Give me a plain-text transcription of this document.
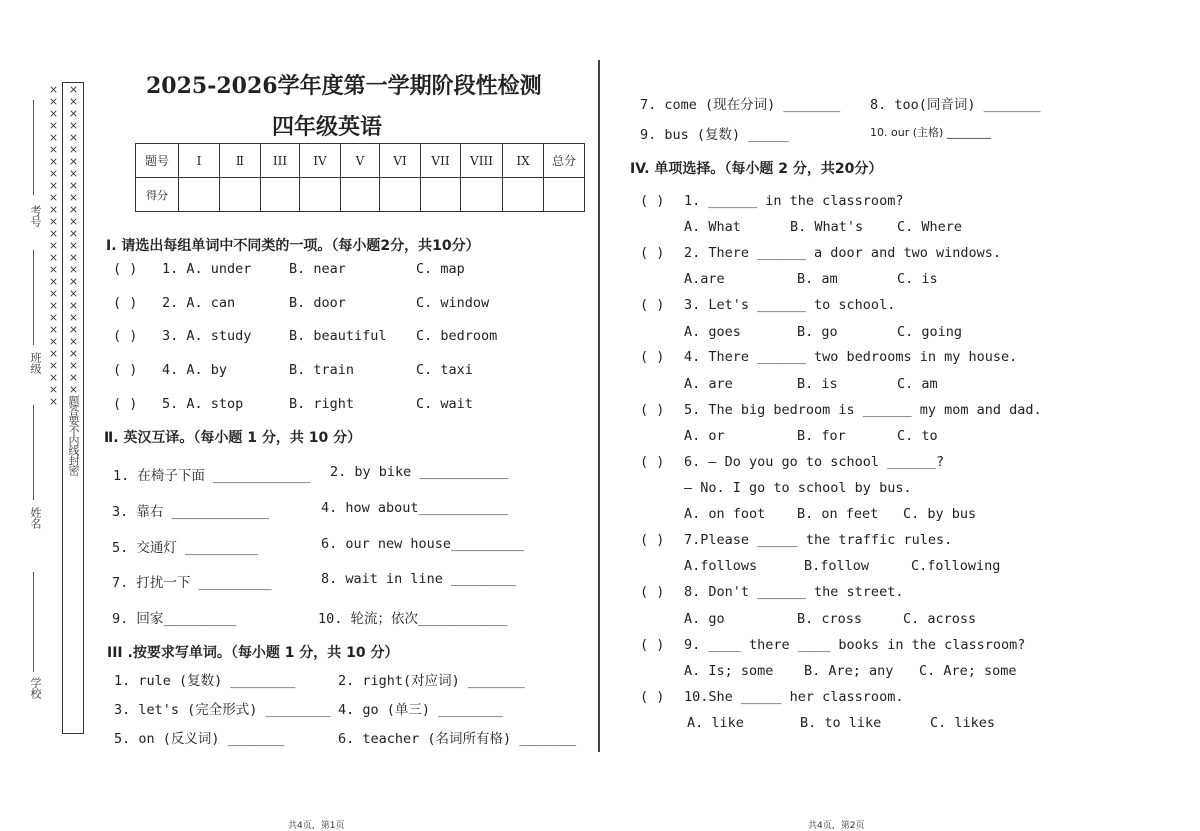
考号
班级
姓名
学校
××××××××××××××××××××××××××题答要不内线封密×××××××××××××××××××××××××××	2025-2026学年度第一学期阶段性检测
四年级英语
题号	Ⅰ	Ⅱ	III	IV	V	VI	VII	VIII	IX	总分
得分										
Ⅰ. 请选出每组单词中不同类的一项。（每小题2分，共10分）
( ) 1. A. under	B. near	C. map
( ) 2. A. can	B. door	C. window
( ) 3. A. study	B. beautiful C. bedroom
( ) 4. A. by	B. train	C. taxi
( ) 5. A. stop	B. right	C. wait
Ⅱ. 英汉互译。（每小题 1 分，共 10 分）
1. 在椅子下面 ____________ 2. by bike ___________
3. 靠右 ____________	4. how about___________
5. 交通灯 _________	6. our new house_________
7. 打扰一下 _________	8. wait in line ________
9. 回家_________	10. 轮流；依次___________
III .按要求写单词。（每小题 1 分，共 10 分）
1. rule (复数) ________	2. right(对应词) _______
3. let's (完全形式) ________ 4. go (单三) ________
5. on (反义词) _______	6. teacher (名词所有格) _______
共4页，第1页
7. come (现在分词) _______ 8. too(同音词) _______
9. bus (复数) _____	10. our (主格) ________
IV. 单项选择。（每小题 2 分，共20分）
( ) 1. ______ in the classroom?
A. What	B. What's	C. Where
( ) 2. There ______ a door and two windows.
A.are	B. am	C. is
( ) 3. Let's ______ to school.
A. goes	B. go	C. going
( ) 4. There ______ two bedrooms in my house.
A. are	B. is	C. am
( ) 5. The big bedroom is ______ my mom and dad.
A. or	B. for	C. to
( ) 6. — Do you go to school ______?
— No. I go to school by bus.
A. on foot B. on feet C. by bus
( ) 7.Please _____ the traffic rules.
A.follows	B.follow	C.following
( ) 8. Don't ______ the street.
A. go	B. cross	C. across
( ) 9. ____ there ____ books in the classroom?
A. Is; some B. Are; any C. Are; some
( ) 10.She _____ her classroom.
A. like	B. to like	C. likes
共4页，第2页
